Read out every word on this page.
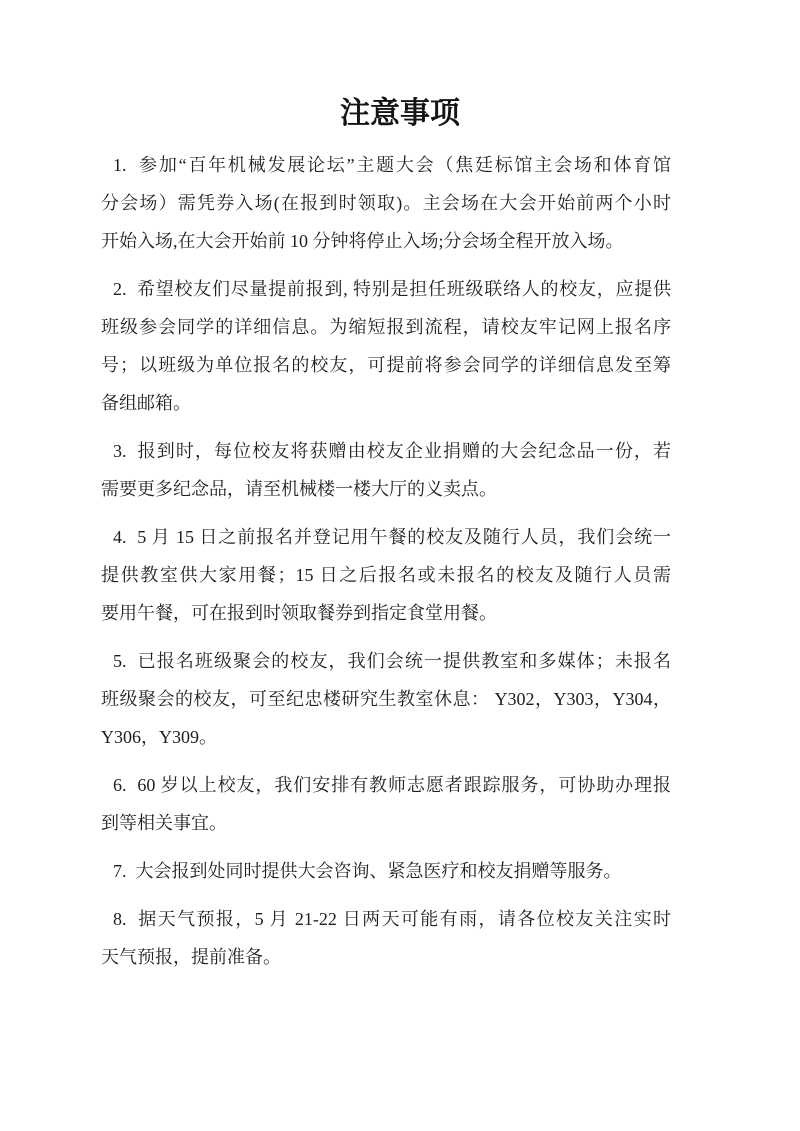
注意事项
1.  参加“百年机械发展论坛”主题大会（焦廷标馆主会场和体育馆
分会场）需凭券入场(在报到时领取)。主会场在大会开始前两个小时
开始入场,在大会开始前 10 分钟将停止入场;分会场全程开放入场。
2.  希望校友们尽量提前报到, 特别是担任班级联络人的校友，应提供
班级参会同学的详细信息。为缩短报到流程，请校友牢记网上报名序
号；以班级为单位报名的校友，可提前将参会同学的详细信息发至筹
备组邮箱。
3.  报到时，每位校友将获赠由校友企业捐赠的大会纪念品一份，若
需要更多纪念品，请至机械楼一楼大厅的义卖点。
4.  5 月 15 日之前报名并登记用午餐的校友及随行人员，我们会统一
提供教室供大家用餐；15 日之后报名或未报名的校友及随行人员需
要用午餐，可在报到时领取餐券到指定食堂用餐。
5.  已报名班级聚会的校友，我们会统一提供教室和多媒体；未报名
班级聚会的校友，可至纪忠楼研究生教室休息： Y302，Y303，Y304，
Y306，Y309。
6.  60 岁以上校友，我们安排有教师志愿者跟踪服务，可协助办理报
到等相关事宜。
7.  大会报到处同时提供大会咨询、紧急医疗和校友捐赠等服务。
8.  据天气预报，5 月 21-22 日两天可能有雨，请各位校友关注实时
天气预报，提前准备。
